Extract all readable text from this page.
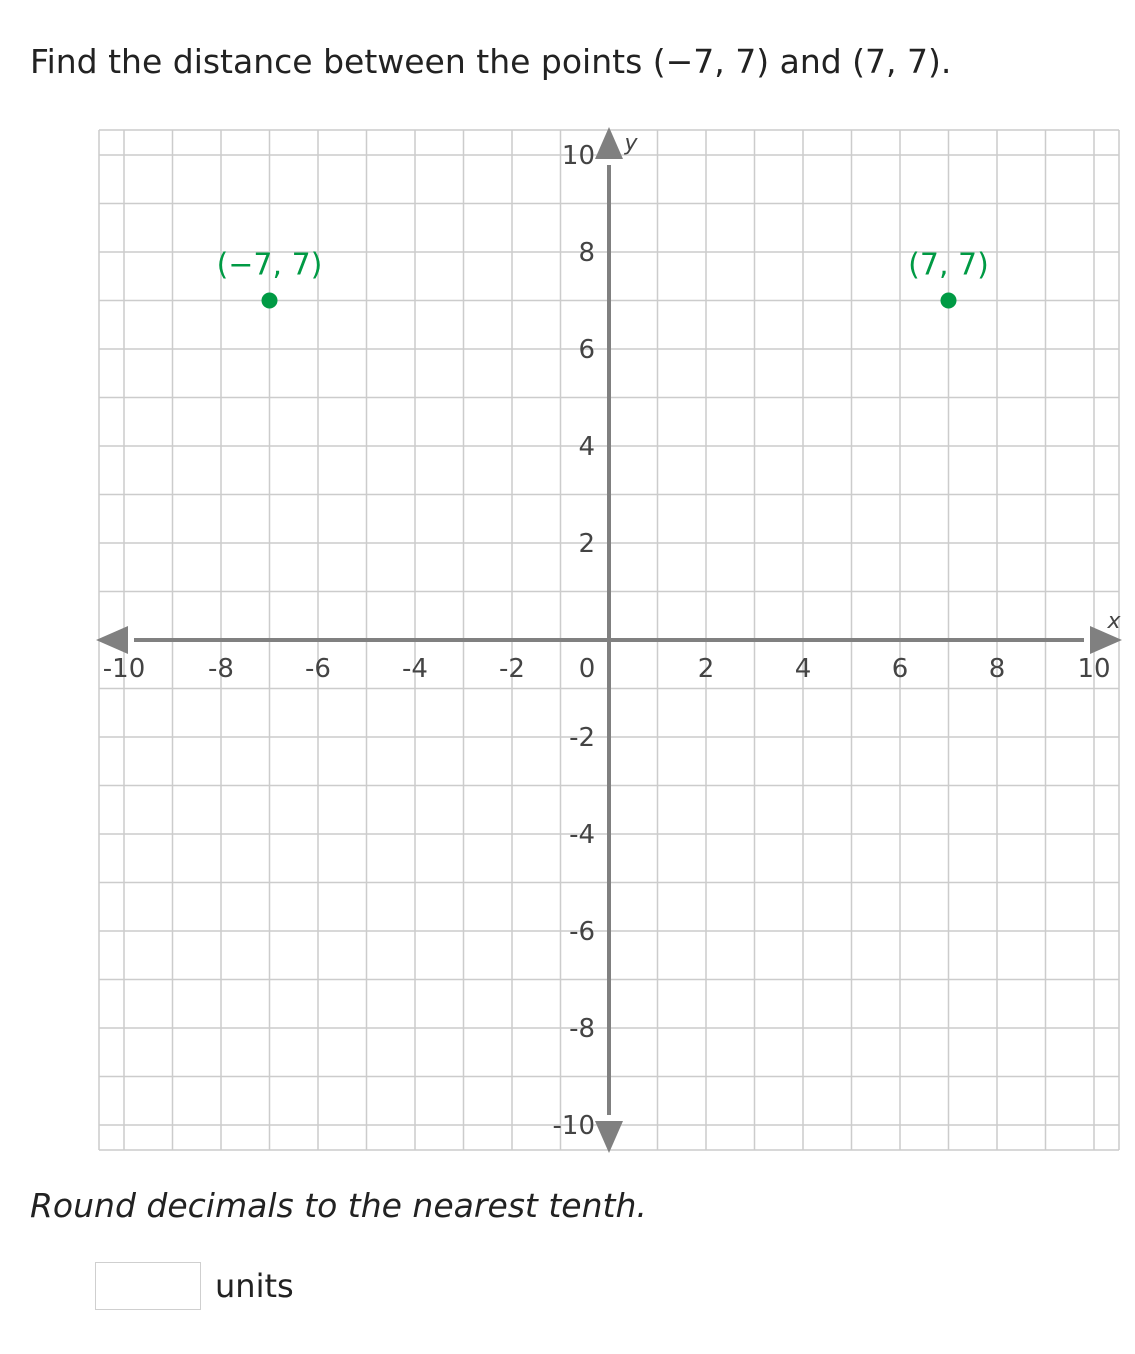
Find the distance between the points (−7, 7) and (7, 7).
x
y
-10 -8	-6	-4	-2 0	2	4	6	8	10
10
8
6
4
2
-2
-4
-6
-8
-10
(−7, 7)	(7, 7)
Round decimals to the nearest tenth.
units
